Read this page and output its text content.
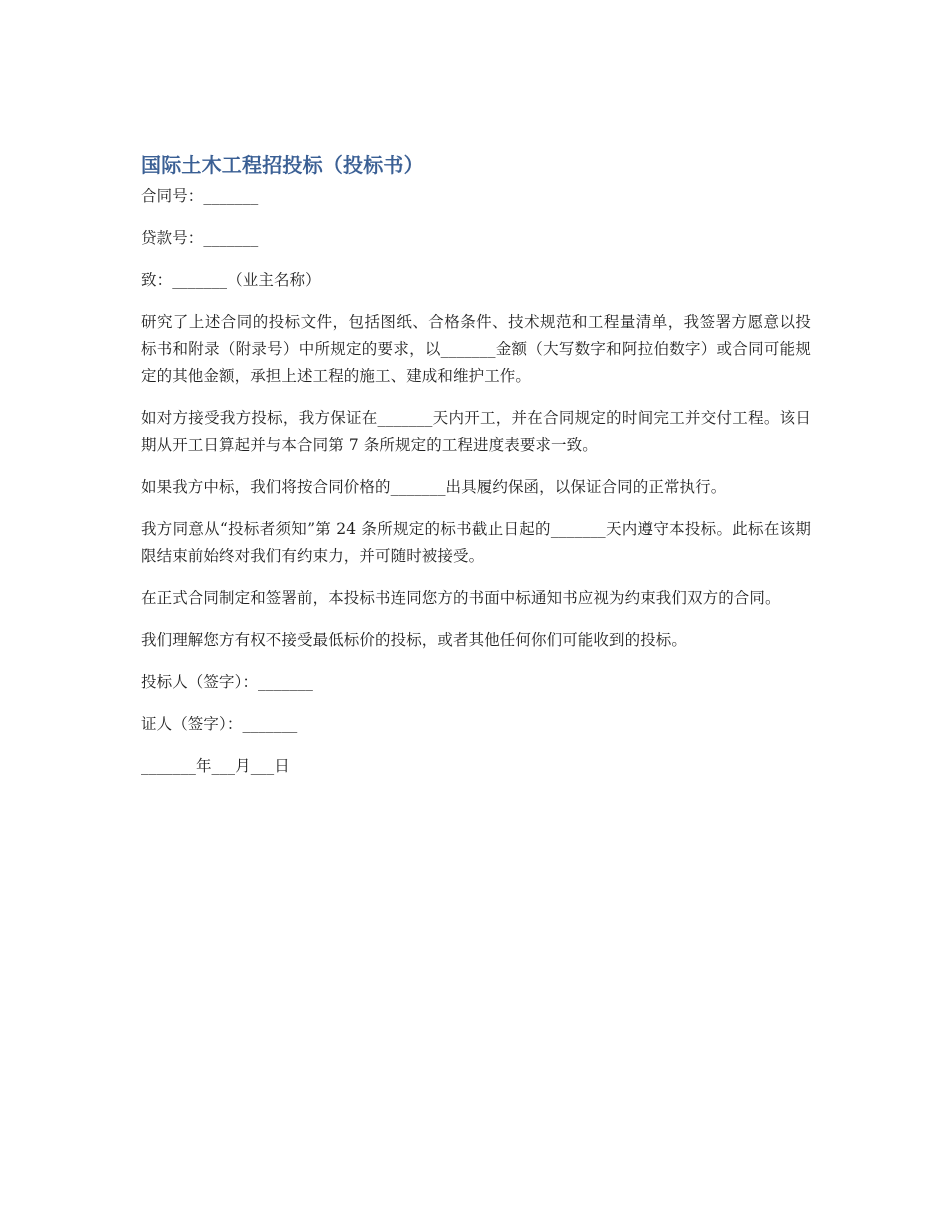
国际土木工程招投标（投标书）

合同号：_______

贷款号：_______

致：_______（业主名称）

研究了上述合同的投标文件，包括图纸、合格条件、技术规范和工程量清单，我签署方愿意以投标书和附录（附录号）中所规定的要求，以_______金额（大写数字和阿拉伯数字）或合同可能规定的其他金额，承担上述工程的施工、建成和维护工作。

如对方接受我方投标，我方保证在_______天内开工，并在合同规定的时间完工并交付工程。该日期从开工日算起并与本合同第 7 条所规定的工程进度表要求一致。

如果我方中标，我们将按合同价格的_______出具履约保函，以保证合同的正常执行。

我方同意从“投标者须知”第 24 条所规定的标书截止日起的_______天内遵守本投标。此标在该期限结束前始终对我们有约束力，并可随时被接受。

在正式合同制定和签署前，本投标书连同您方的书面中标通知书应视为约束我们双方的合同。

我们理解您方有权不接受最低标价的投标，或者其他任何你们可能收到的投标。

投标人（签字）：_______

证人（签字）：_______

_______年___月___日
